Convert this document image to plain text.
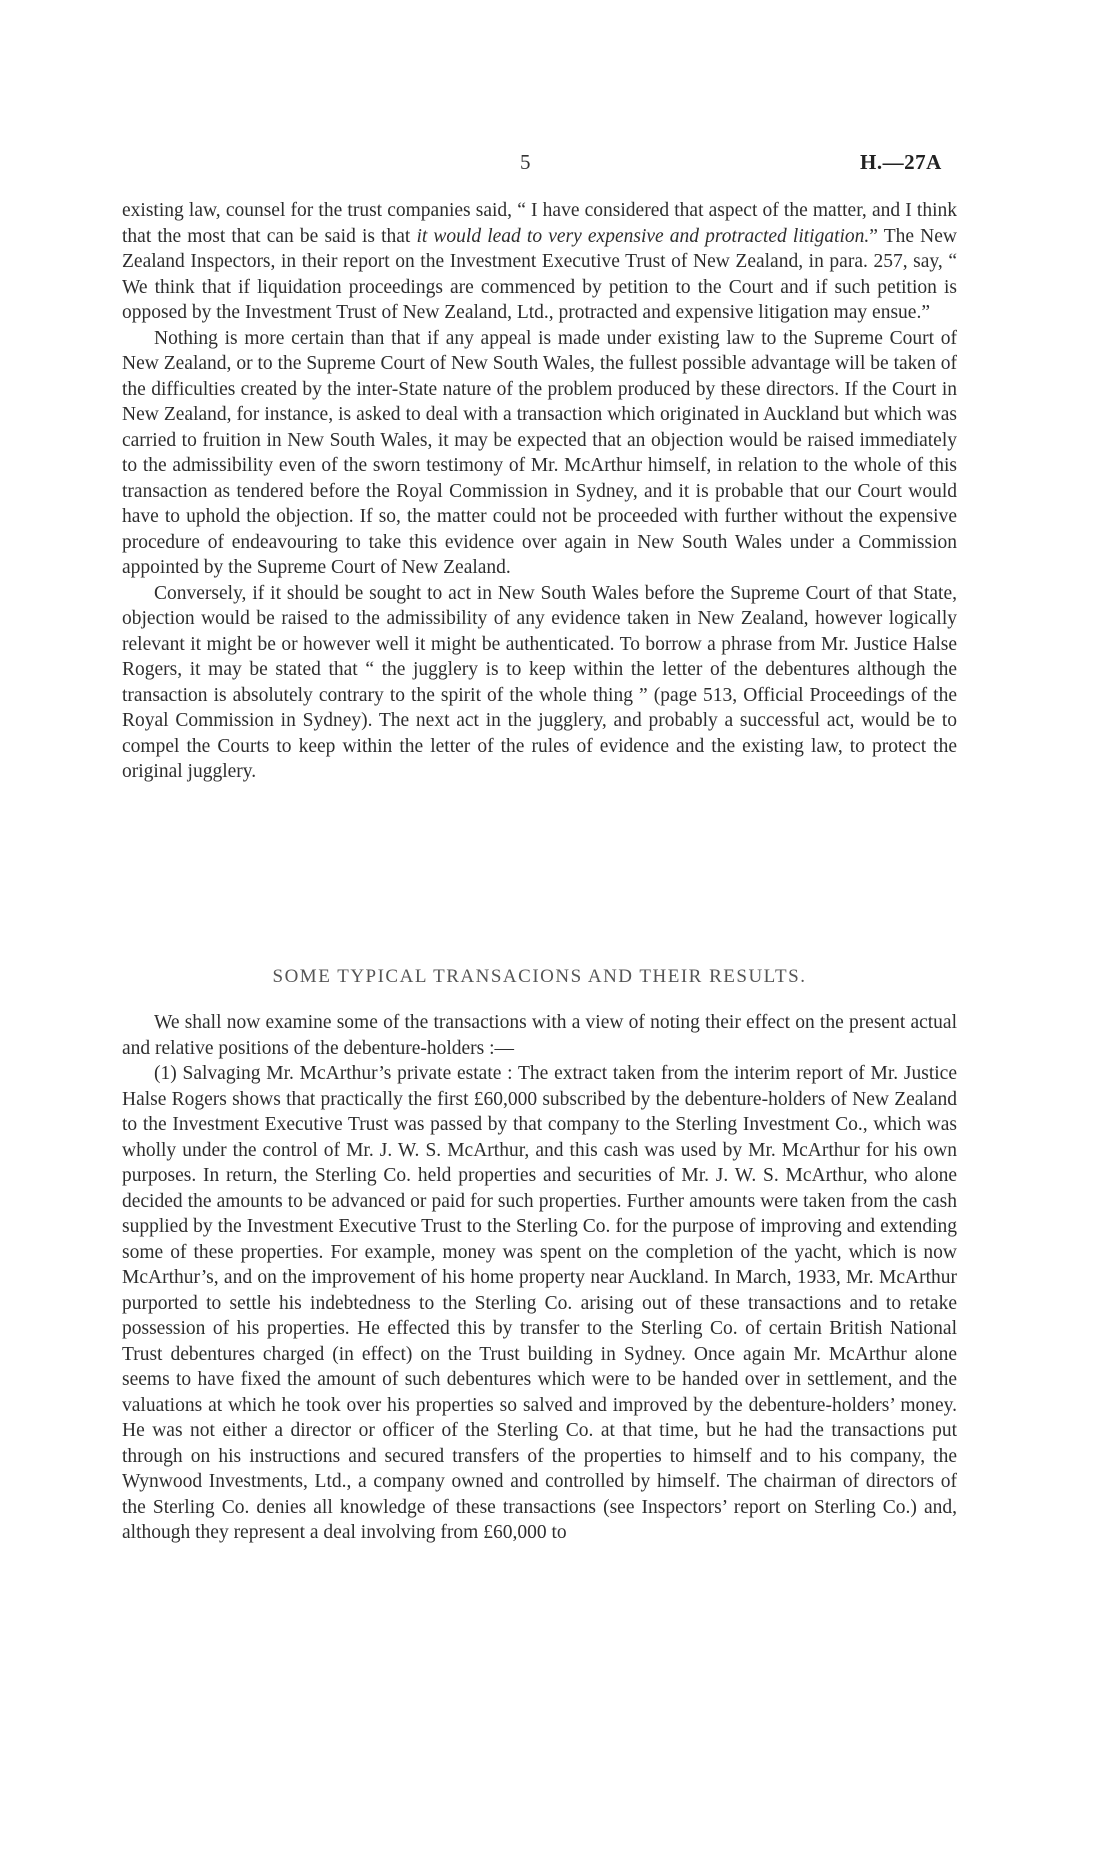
5	H.—27A

existing law, counsel for the trust companies said, “ I have considered that aspect of the matter, and I think that the most that can be said is that it would lead to very expensive and protracted litigation.” The New Zealand Inspectors, in their report on the Investment Executive Trust of New Zealand, in para. 257, say, “ We think that if liquidation proceedings are commenced by petition to the Court and if such petition is opposed by the Investment Trust of New Zealand, Ltd., protracted and expensive litigation may ensue.”

Nothing is more certain than that if any appeal is made under existing law to the Supreme Court of New Zealand, or to the Supreme Court of New South Wales, the fullest possible advantage will be taken of the difficulties created by the inter-State nature of the problem produced by these directors. If the Court in New Zealand, for instance, is asked to deal with a transaction which originated in Auckland but which was carried to fruition in New South Wales, it may be expected that an objection would be raised immediately to the admissibility even of the sworn testimony of Mr. McArthur himself, in relation to the whole of this transaction as tendered before the Royal Commission in Sydney, and it is probable that our Court would have to uphold the objection. If so, the matter could not be proceeded with further without the expensive procedure of endeavouring to take this evidence over again in New South Wales under a Commission appointed by the Supreme Court of New Zealand.

Conversely, if it should be sought to act in New South Wales before the Supreme Court of that State, objection would be raised to the admissibility of any evidence taken in New Zealand, however logically relevant it might be or however well it might be authenticated. To borrow a phrase from Mr. Justice Halse Rogers, it may be stated that “ the jugglery is to keep within the letter of the debentures although the transaction is absolutely contrary to the spirit of the whole thing ” (page 513, Official Proceedings of the Royal Commission in Sydney). The next act in the jugglery, and probably a successful act, would be to compel the Courts to keep within the letter of the rules of evidence and the existing law, to protect the original jugglery.

SOME TYPICAL TRANSACIONS AND THEIR RESULTS.

We shall now examine some of the transactions with a view of noting their effect on the present actual and relative positions of the debenture-holders :—

(1) Salvaging Mr. McArthur’s private estate : The extract taken from the interim report of Mr. Justice Halse Rogers shows that practically the first £60,000 subscribed by the debenture-holders of New Zealand to the Investment Executive Trust was passed by that company to the Sterling Investment Co., which was wholly under the control of Mr. J. W. S. McArthur, and this cash was used by Mr. McArthur for his own purposes. In return, the Sterling Co. held properties and securities of Mr. J. W. S. McArthur, who alone decided the amounts to be advanced or paid for such properties. Further amounts were taken from the cash supplied by the Investment Executive Trust to the Sterling Co. for the purpose of improving and extending some of these properties. For example, money was spent on the completion of the yacht, which is now McArthur’s, and on the improvement of his home property near Auckland. In March, 1933, Mr. McArthur purported to settle his indebtedness to the Sterling Co. arising out of these transactions and to retake possession of his properties. He effected this by transfer to the Sterling Co. of certain British National Trust debentures charged (in effect) on the Trust building in Sydney. Once again Mr. McArthur alone seems to have fixed the amount of such debentures which were to be handed over in settlement, and the valuations at which he took over his properties so salved and improved by the debenture-holders’ money. He was not either a director or officer of the Sterling Co. at that time, but he had the transactions put through on his instructions and secured transfers of the properties to himself and to his company, the Wynwood Investments, Ltd., a company owned and controlled by himself. The chairman of directors of the Sterling Co. denies all knowledge of these transactions (see Inspectors’ report on Sterling Co.) and, although they represent a deal involving from £60,000 to
